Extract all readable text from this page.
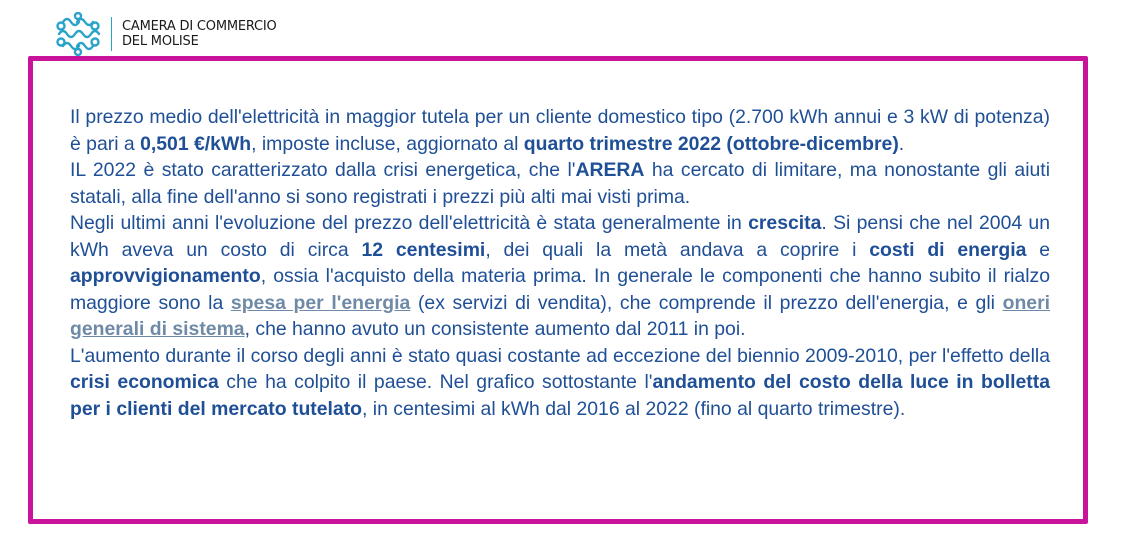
CAMERA DI COMMERCIO
DEL MOLISE

Il prezzo medio dell'elettricità in maggior tutela per un cliente domestico tipo (2.700 kWh annui e 3 kW di potenza) è pari a 0,501 €/kWh, imposte incluse, aggiornato al quarto trimestre 2022 (ottobre-dicembre).

IL 2022 è stato caratterizzato dalla crisi energetica, che l'ARERA ha cercato di limitare, ma nonostante gli aiuti statali, alla fine dell'anno si sono registrati i prezzi più alti mai visti prima.

Negli ultimi anni l'evoluzione del prezzo dell'elettricità è stata generalmente in crescita. Si pensi che nel 2004 un kWh aveva un costo di circa 12 centesimi, dei quali la metà andava a coprire i costi di energia e approvvigionamento, ossia l'acquisto della materia prima. In generale le componenti che hanno subito il rialzo maggiore sono la spesa per l'energia (ex servizi di vendita), che comprende il prezzo dell'energia, e gli oneri generali di sistema, che hanno avuto un consistente aumento dal 2011 in poi.

L'aumento durante il corso degli anni è stato quasi costante ad eccezione del biennio 2009-2010, per l'effetto della crisi economica che ha colpito il paese. Nel grafico sottostante l'andamento del costo della luce in bolletta per i clienti del mercato tutelato, in centesimi al kWh dal 2016 al 2022 (fino al quarto trimestre).
